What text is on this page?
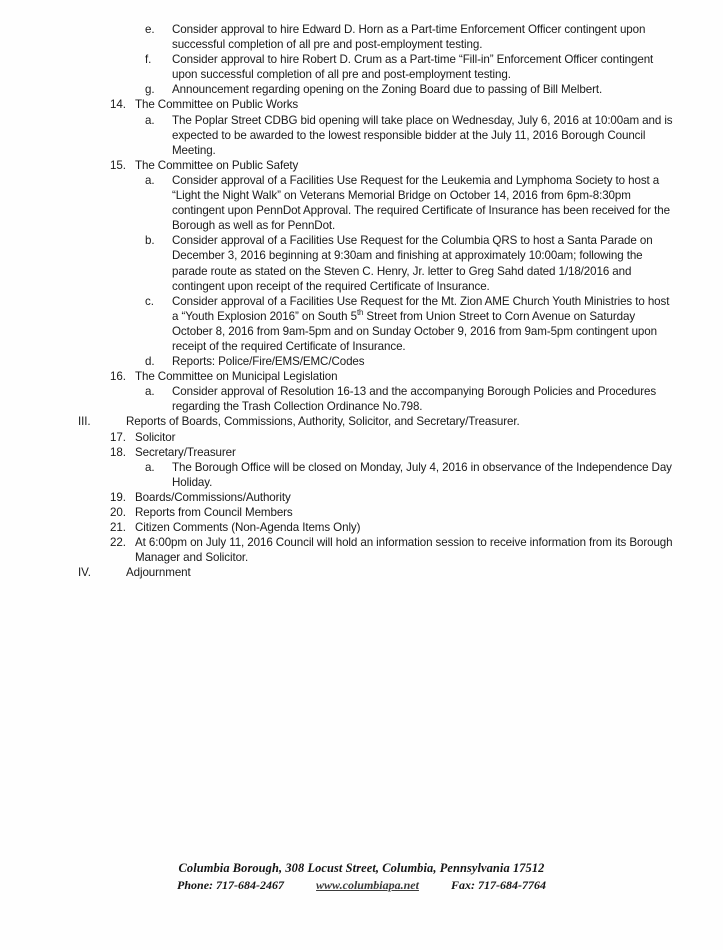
e.	Consider approval to hire Edward D. Horn as a Part-time Enforcement Officer contingent upon successful completion of all pre and post-employment testing.
f.	Consider approval to hire Robert D. Crum as a Part-time “Fill-in” Enforcement Officer contingent upon successful completion of all pre and post-employment testing.
g.	Announcement regarding opening on the Zoning Board due to passing of Bill Melbert.
14. The Committee on Public Works
a.	The Poplar Street CDBG bid opening will take place on Wednesday, July 6, 2016 at 10:00am and is expected to be awarded to the lowest responsible bidder at the July 11, 2016 Borough Council Meeting.
15. The Committee on Public Safety
a.	Consider approval of a Facilities Use Request for the Leukemia and Lymphoma Society to host a “Light the Night Walk” on Veterans Memorial Bridge on October 14, 2016 from 6pm-8:30pm contingent upon PennDot Approval. The required Certificate of Insurance has been received for the Borough as well as for PennDot.
b.	Consider approval of a Facilities Use Request for the Columbia QRS to host a Santa Parade on December 3, 2016 beginning at 9:30am and finishing at approximately 10:00am; following the parade route as stated on the Steven C. Henry, Jr. letter to Greg Sahd dated 1/18/2016 and contingent upon receipt of the required Certificate of Insurance.
c.	Consider approval of a Facilities Use Request for the Mt. Zion AME Church Youth Ministries to host a “Youth Explosion 2016” on South 5th Street from Union Street to Corn Avenue on Saturday October 8, 2016 from 9am-5pm and on Sunday October 9, 2016 from 9am-5pm contingent upon receipt of the required Certificate of Insurance.
d.	Reports: Police/Fire/EMS/EMC/Codes
16. The Committee on Municipal Legislation
a.	Consider approval of Resolution 16-13 and the accompanying Borough Policies and Procedures regarding the Trash Collection Ordinance No.798.
III.	Reports of Boards, Commissions, Authority, Solicitor, and Secretary/Treasurer.
17. Solicitor
18. Secretary/Treasurer
a.	The Borough Office will be closed on Monday, July 4, 2016 in observance of the Independence Day Holiday.
19. Boards/Commissions/Authority
20. Reports from Council Members
21. Citizen Comments (Non-Agenda Items Only)
22. At 6:00pm on July 11, 2016 Council will hold an information session to receive information from its Borough Manager and Solicitor.
IV.	Adjournment
Columbia Borough, 308 Locust Street, Columbia, Pennsylvania 17512
Phone: 717-684-2467	www.columbiapa.net	Fax: 717-684-7764
